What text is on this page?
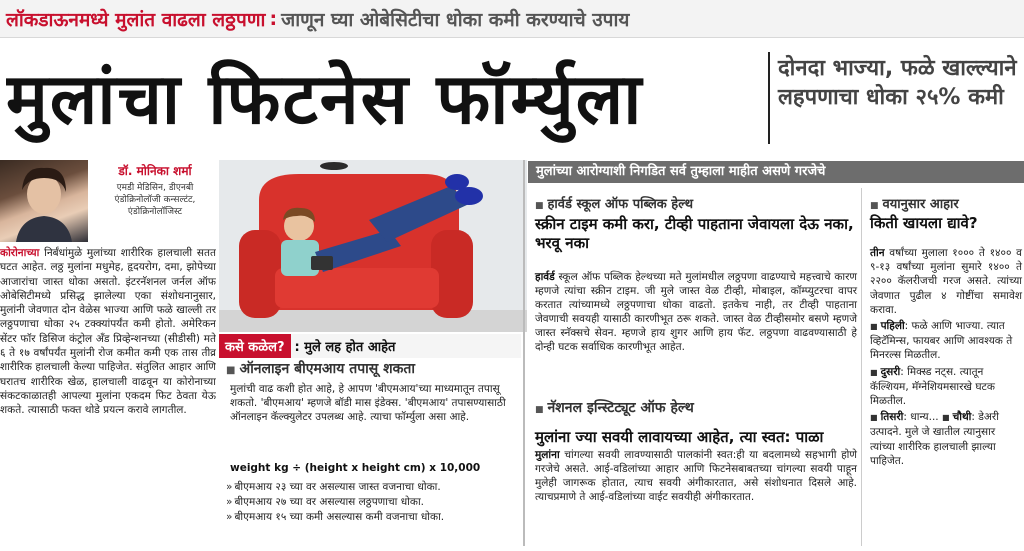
लॉकडाऊनमध्ये मुलांत वाढला लठ्ठपणा : जाणून घ्या ओबेसिटीचा धोका कमी करण्याचे उपाय
मुलांचा फिटनेस फॉर्म्युला	दोनदा भाज्या, फळे खाल्ल्याने लहपणाचा धोका २५% कमी
डॉ. मोनिका शर्मा
एमडी मेडिसिन, डीएनबी एंडोक्रिनोलॉजी कन्सल्टंट, एंडोक्रिनोलॉजिस्ट
कोरोनाच्या निर्बंधांमुळे मुलांच्या शारीरिक हालचाली सतत घटत आहेत. लठ्ठ मुलांना मधुमेह, हृदयरोग, दमा, झोपेच्या आजारांचा जास्त धोका असतो. इंटरनॅशनल जर्नल ऑफ ओबेसिटीमध्ये प्रसिद्ध झालेल्या एका संशोधनानुसार, मुलांनी जेवणात दोन वेळेस भाज्या आणि फळे खाल्ली तर लठ्ठपणाचा धोका २५ टक्क्यांपर्यंत कमी होतो. अमेरिकन सेंटर फॉर डिसिज कंट्रोल अँड प्रिव्हेन्शनच्या (सीडीसी) मते ६ ते १७ वर्षांपर्यंत मुलांनी रोज कमीत कमी एक तास तीव्र शारीरिक हालचाली केल्या पाहिजेत. संतुलित आहार आणि घरातच शारीरिक खेळ, हालचाली वाढवून या कोरोनाच्या संकटकाळातही आपल्या मुलांना एकदम फिट ठेवता येऊ शकते. त्यासाठी फक्त थोडे प्रयत्न करावे लागतील.
कसे कळेल? : मुले लह होत आहेत
■ ऑनलाइन बीएमआय तपासू शकता
मुलांची वाढ कशी होत आहे, हे आपण 'बीएमआय'च्या माध्यमातून तपासू शकतो. 'बीएमआय' म्हणजे बॉडी मास इंडेक्स. 'बीएमआय' तपासण्यासाठी ऑनलाइन कॅल्क्युलेटर उपलब्ध आहे. त्याचा फॉर्म्युला असा आहे.
weight kg ÷ (height x height cm) x 10,000
» बीएमआय २३ च्या वर असल्यास जास्त वजनाचा धोका.
» बीएमआय २७ च्या वर असल्यास लठ्ठपणाचा धोका.
» बीएमआय १५ च्या कमी असल्यास कमी वजनाचा धोका.
मुलांच्या आरोग्याशी निगडित सर्व तुम्हाला माहीत असणे गरजेचे
■ हार्वर्ड स्कूल ऑफ पब्लिक हेल्थ
स्क्रीन टाइम कमी करा, टीव्ही पाहताना जेवायला देऊ नका, भरवू नका
हार्वर्ड स्कूल ऑफ पब्लिक हेल्थच्या मते मुलांमधील लठ्ठपणा वाढण्याचे महत्त्वाचे कारण म्हणजे त्यांचा स्क्रीन टाइम. जी मुले जास्त वेळ टीव्ही, मोबाइल, कॉम्प्युटरचा वापर करतात त्यांच्यामध्ये लठ्ठपणाचा धोका वाढतो. इतकेच नाही, तर टीव्ही पाहताना जेवणाची सवयही यासाठी कारणीभूत ठरू शकते. जास्त वेळ टीव्हीसमोर बसणे म्हणजे जास्त स्नॅक्सचे सेवन. म्हणजे हाय शुगर आणि हाय फॅट. लठ्ठपणा वाढवण्यासाठी हे दोन्ही घटक सर्वाधिक कारणीभूत आहेत.
■ नॅशनल इन्स्टिट्यूट ऑफ हेल्थ
मुलांना ज्या सवयी लावायच्या आहेत, त्या स्वत: पाळा
मुलांना चांगल्या सवयी लावण्यासाठी पालकांनी स्वत:ही या बदलामध्ये सहभागी होणे गरजेचे असते. आई-वडिलांच्या आहार आणि फिटनेसबाबतच्या चांगल्या सवयी पाहून मुलेही जागरूक होतात, त्याच सवयी अंगीकारतात, असे संशोधनात दिसले आहे. त्याचप्रमाणे ते आई-वडिलांच्या वाईट सवयीही अंगीकारतात.
■ वयानुसार आहार
किती खायला द्यावे?
तीन वर्षांच्या मुलाला १००० ते १४०० व ९-१३ वर्षांच्या मुलांना सुमारे १४०० ते २२०० कॅलरीजची गरज असते. त्यांच्या जेवणात पुढील ४ गोष्टींचा समावेश करावा.
■ पहिली: फळे आणि भाज्या. त्यात व्हिटॅमिन्स, फायबर आणि आवश्यक ते मिनरल्स मिळतील.
■ दुसरी: मिक्स्ड नट्स. त्यातून कॅल्शियम, मॅग्नेशियमसारखे घटक मिळतील.
■ तिसरी: धान्य... ■ चौथी: डेअरी उत्पादने. मुले जे खातील त्यानुसार त्यांच्या शारीरिक हालचाली झाल्या पाहिजेत.
